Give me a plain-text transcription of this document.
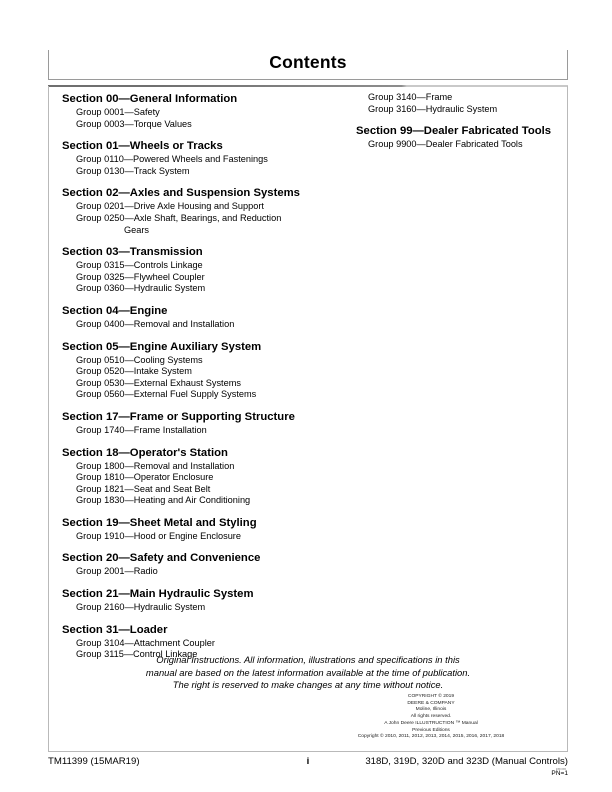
Contents
Section 00—General Information
Group 0001—Safety
Group 0003—Torque Values
Section 01—Wheels or Tracks
Group 0110—Powered Wheels and Fastenings
Group 0130—Track System
Section 02—Axles and Suspension Systems
Group 0201—Drive Axle Housing and Support
Group 0250—Axle Shaft, Bearings, and Reduction
Gears
Section 03—Transmission
Group 0315—Controls Linkage
Group 0325—Flywheel Coupler
Group 0360—Hydraulic System
Section 04—Engine
Group 0400—Removal and Installation
Section 05—Engine Auxiliary System
Group 0510—Cooling Systems
Group 0520—Intake System
Group 0530—External Exhaust Systems
Group 0560—External Fuel Supply Systems
Section 17—Frame or Supporting Structure
Group 1740—Frame Installation
Section 18—Operator's Station
Group 1800—Removal and Installation
Group 1810—Operator Enclosure
Group 1821—Seat and Seat Belt
Group 1830—Heating and Air Conditioning
Section 19—Sheet Metal and Styling
Group 1910—Hood or Engine Enclosure
Section 20—Safety and Convenience
Group 2001—Radio
Section 21—Main Hydraulic System
Group 2160—Hydraulic System
Section 31—Loader
Group 3104—Attachment Coupler
Group 3115—Control Linkage
Group 3140—Frame
Group 3160—Hydraulic System
Section 99—Dealer Fabricated Tools
Group 9900—Dealer Fabricated Tools
Original Instructions. All information, illustrations and specifications in this
manual are based on the latest information available at the time of publication.
The right is reserved to make changes at any time without notice.
COPYRIGHT © 2019
DEERE & COMPANY
Moline, Illinois
All rights reserved.
A John Deere ILLUSTRUCTION ™ Manual
Previous Editions
Copyright © 2010, 2011, 2012, 2013, 2014, 2015, 2016, 2017, 2018
TM11399 (15MAR19)	i	318D, 319D, 320D and 323D (Manual Controls)
cn=xx
PN=1
